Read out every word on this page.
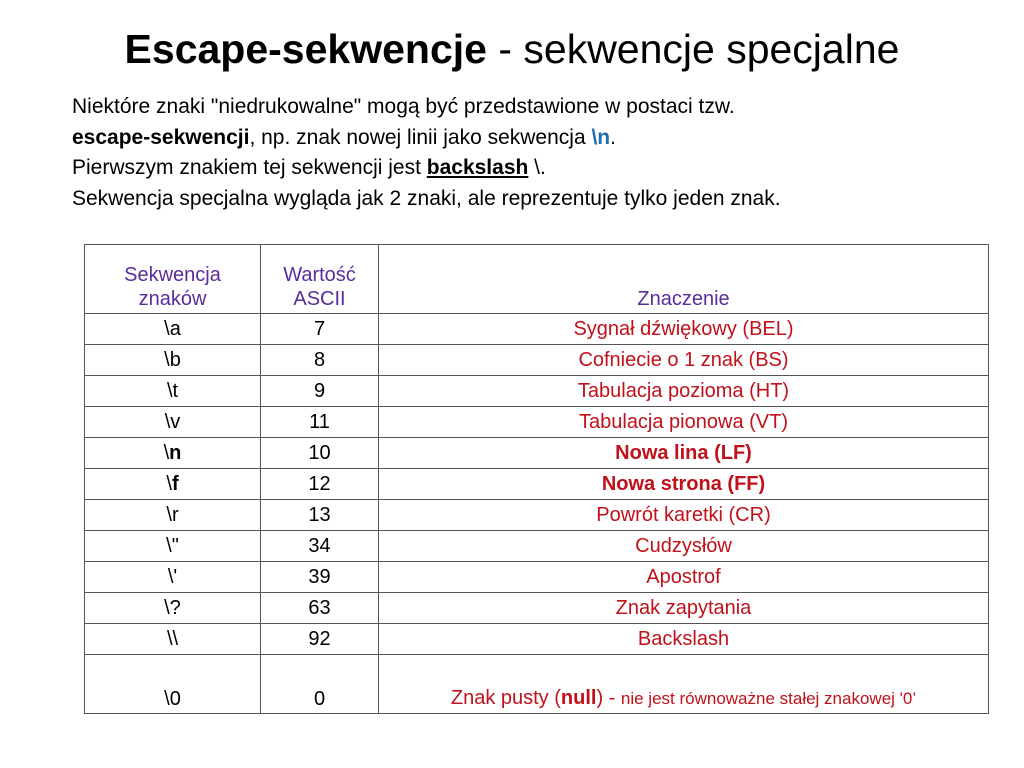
Escape-sekwencje - sekwencje specjalne
Niektóre znaki "niedrukowalne" mogą być przedstawione w postaci tzw.
escape-sekwencji, np. znak nowej linii jako sekwencja \n.
Pierwszym znakiem tej sekwencji jest backslash \.
Sekwencja specjalna wygląda jak 2 znaki, ale reprezentuje tylko jeden znak.
Sekwencja znaków	Wartość ASCII	Znaczenie
\a	7	Sygnał dźwiękowy (BEL)
\b	8	Cofniecie o 1 znak (BS)
\t	9	Tabulacja pozioma (HT)
\v	11	Tabulacja pionowa (VT)
\n	10	Nowa lina (LF)
\f	12	Nowa strona (FF)
\r	13	Powrót karetki (CR)
\"	34	Cudzysłów
\'	39	Apostrof
\?	63	Znak zapytania
\\	92	Backslash
\0	0	Znak pusty (null) - nie jest równoważne stałej znakowej '0’
